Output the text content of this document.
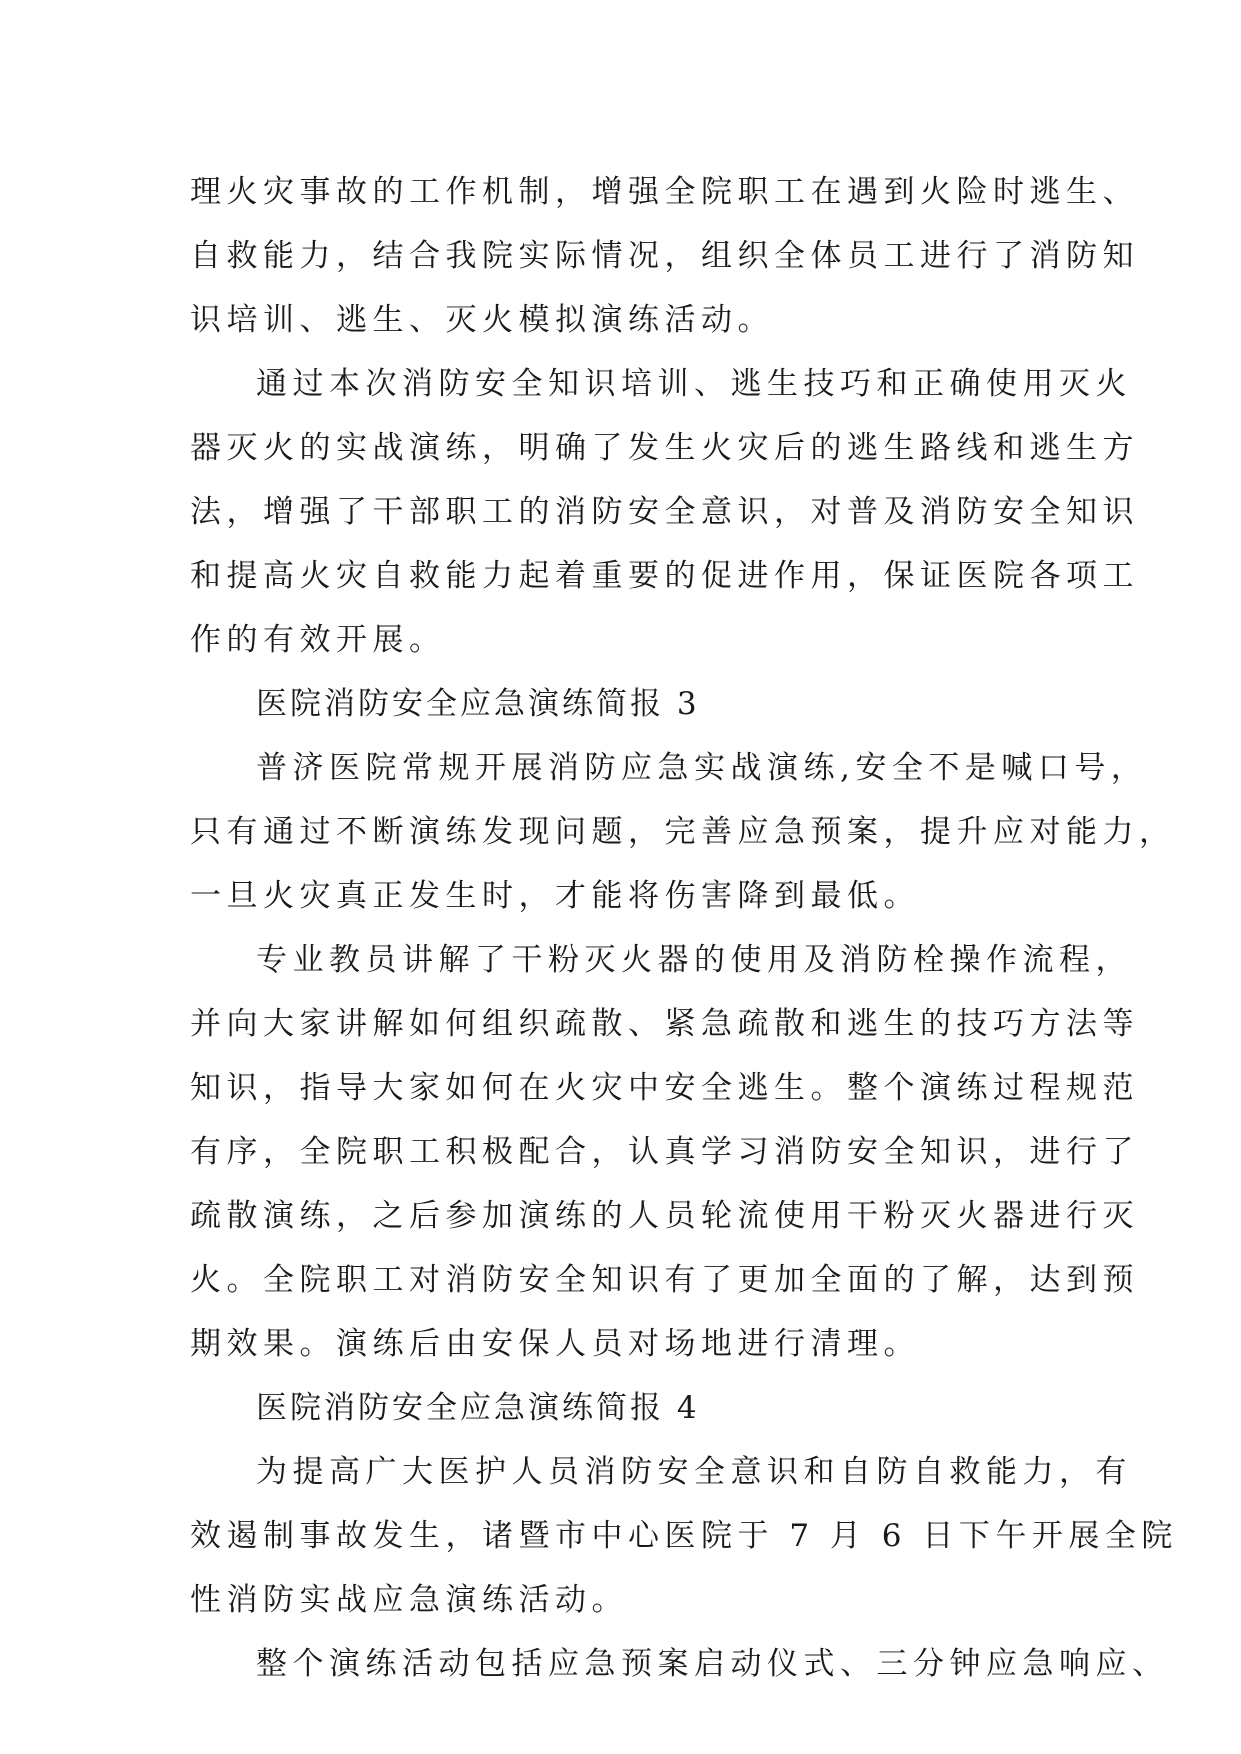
理火灾事故的工作机制，增强全院职工在遇到火险时逃生、
自救能力，结合我院实际情况，组织全体员工进行了消防知
识培训、逃生、灭火模拟演练活动。
通过本次消防安全知识培训、逃生技巧和正确使用灭火
器灭火的实战演练，明确了发生火灾后的逃生路线和逃生方
法，增强了干部职工的消防安全意识，对普及消防安全知识
和提高火灾自救能力起着重要的促进作用，保证医院各项工
作的有效开展。
医院消防安全应急演练简报 3
普济医院常规开展消防应急实战演练,安全不是喊口号，
只有通过不断演练发现问题，完善应急预案，提升应对能力，
一旦火灾真正发生时，才能将伤害降到最低。
专业教员讲解了干粉灭火器的使用及消防栓操作流程，
并向大家讲解如何组织疏散、紧急疏散和逃生的技巧方法等
知识，指导大家如何在火灾中安全逃生。整个演练过程规范
有序，全院职工积极配合，认真学习消防安全知识，进行了
疏散演练，之后参加演练的人员轮流使用干粉灭火器进行灭
火。全院职工对消防安全知识有了更加全面的了解，达到预
期效果。演练后由安保人员对场地进行清理。
医院消防安全应急演练简报 4
为提高广大医护人员消防安全意识和自防自救能力，有
效遏制事故发生，诸暨市中心医院于 7 月 6 日下午开展全院
性消防实战应急演练活动。
整个演练活动包括应急预案启动仪式、三分钟应急响应、
